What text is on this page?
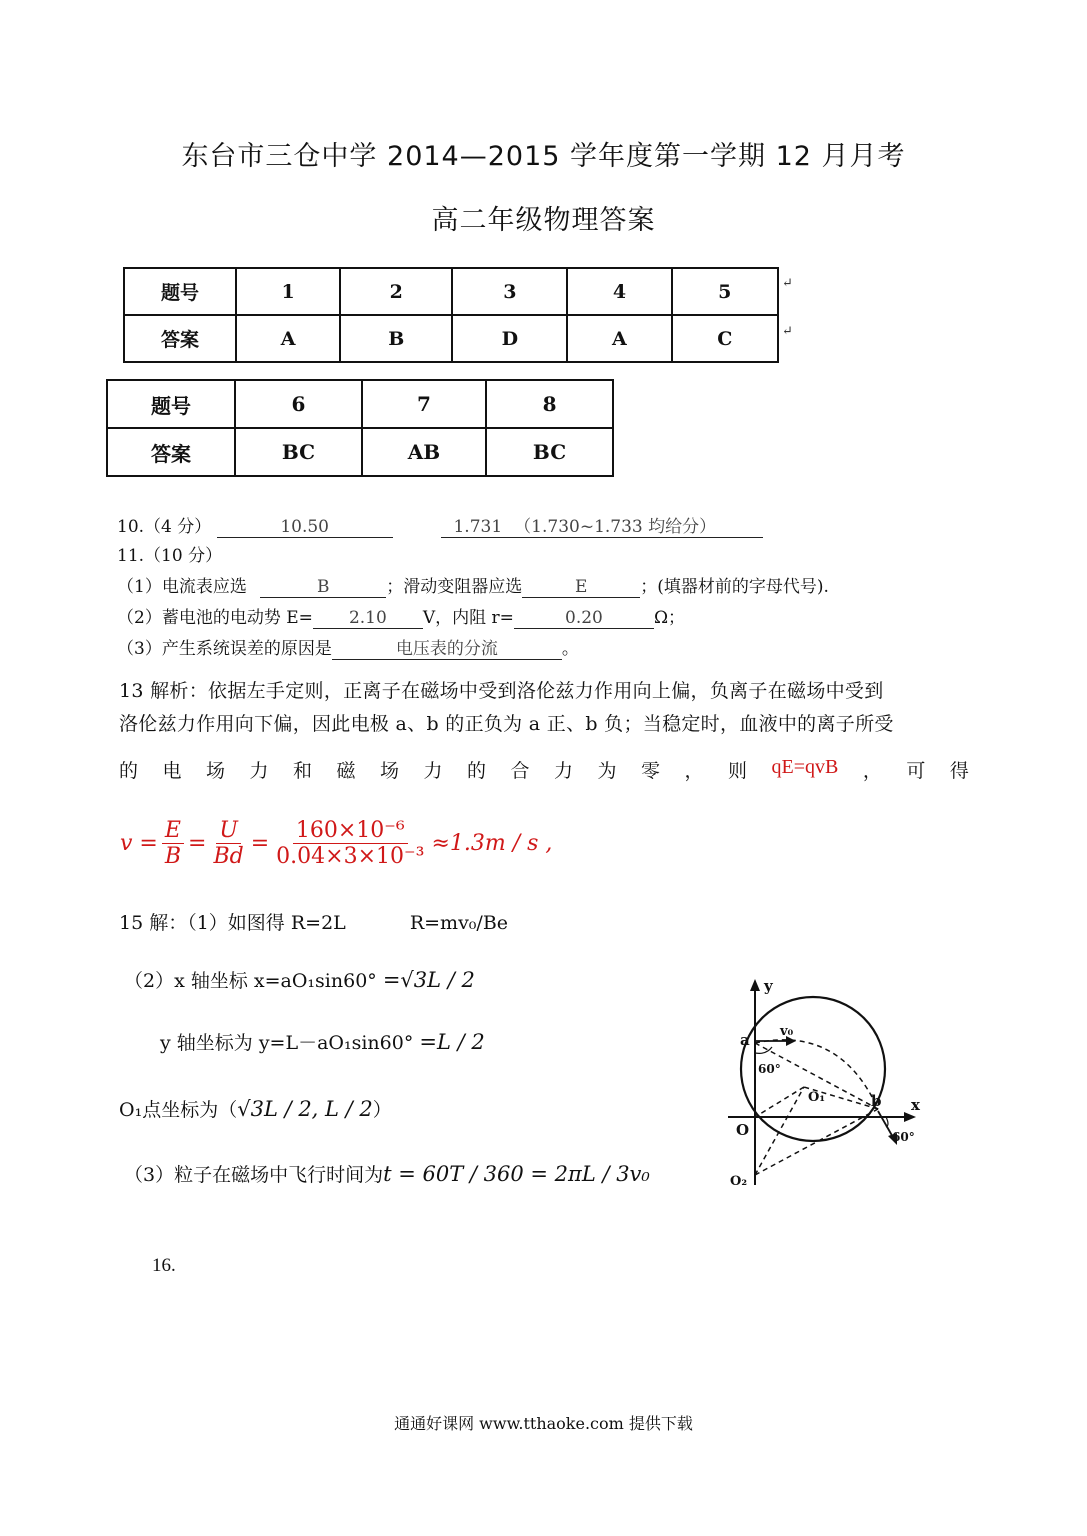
东台市三仓中学 2014—2015 学年度第一学期 12 月月考
高二年级物理答案
题号	1	2	3	4	5
答案	A	B	D	A	C
↵
↵
题号	6	7	8
答案	BC	AB	BC
10.（4 分）	10.50	1.731 （1.730~1.733 均给分）
11.（10 分）
（1）电流表应选	B	；滑动变阻器应选	E	；(填器材前的字母代号).
（2）蓄电池的电动势 E= 2.10 V，内阻 r=	0.20	Ω；
（3）产生系统误差的原因是	电压表的分流	。
13 解析：依据左手定则，正离子在磁场中受到洛伦兹力作用向上偏，负离子在磁场中受到
洛伦兹力作用向下偏，因此电极 a、b 的正负为 a 正、b 负；当稳定时，血液中的离子所受
的 电 场 力 和 磁 场 力 的 合 力 为 零 ， 则 qE=qvB ， 可 得
$v = \frac{E}{B} = \frac{U}{Bd} = \frac{\text{160×10⁻⁶}}{\text{0.04×3×10⁻³}} \approx 1.3m / s$ ,
15 解：（1）如图得 R=2L	R=mv₀/Be
（2）x 轴坐标 x=aO₁sin60° =√3L / 2
y 轴坐标为 y=L－aO₁sin60° =L / 2
O₁点坐标为（√3L / 2, L / 2）
（3）粒子在磁场中飞行时间为t = 60T / 360 = 2πL / 3v₀
y
x
O
a
b
v₀
O₁
O₂
60°
60°
16.
通通好课网 www.tthaoke.com 提供下载
